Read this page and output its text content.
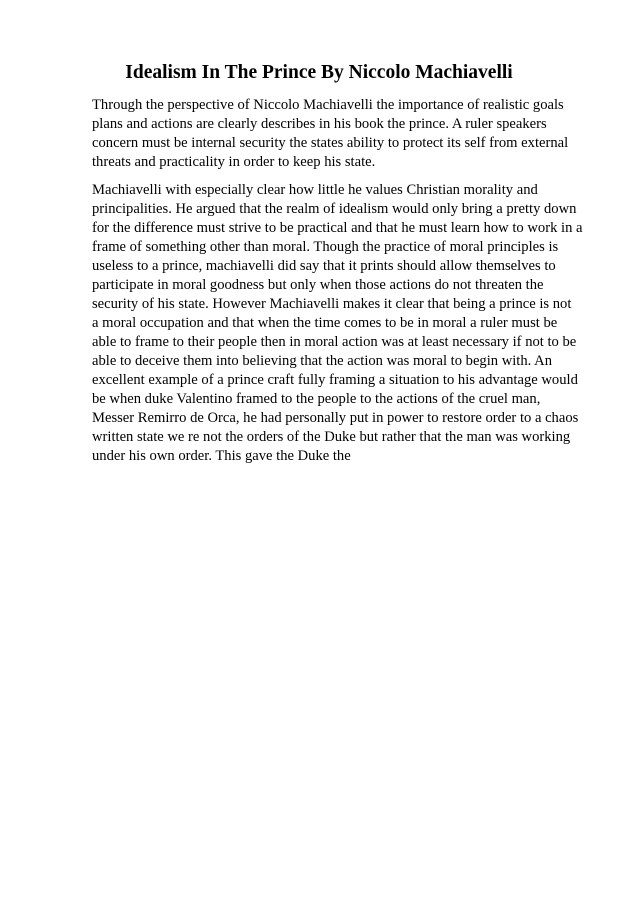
Idealism In The Prince By Niccolo Machiavelli
Through the perspective of Niccolo Machiavelli the importance of realistic goals
plans and actions are clearly describes in his book the prince. A ruler speakers
concern must be internal security the states ability to protect its self from external
threats and practicality in order to keep his state.
Machiavelli with especially clear how little he values Christian morality and
principalities. He argued that the realm of idealism would only bring a pretty down
for the difference must strive to be practical and that he must learn how to work in a
frame of something other than moral. Though the practice of moral principles is
useless to a prince, machiavelli did say that it prints should allow themselves to
participate in moral goodness but only when those actions do not threaten the
security of his state. However Machiavelli makes it clear that being a prince is not
a moral occupation and that when the time comes to be in moral a ruler must be
able to frame to their people then in moral action was at least necessary if not to be
able to deceive them into believing that the action was moral to begin with. An
excellent example of a prince craft fully framing a situation to his advantage would
be when duke Valentino framed to the people to the actions of the cruel man,
Messer Remirro de Orca, he had personally put in power to restore order to a chaos
written state we re not the orders of the Duke but rather that the man was working
under his own order. This gave the Duke the
